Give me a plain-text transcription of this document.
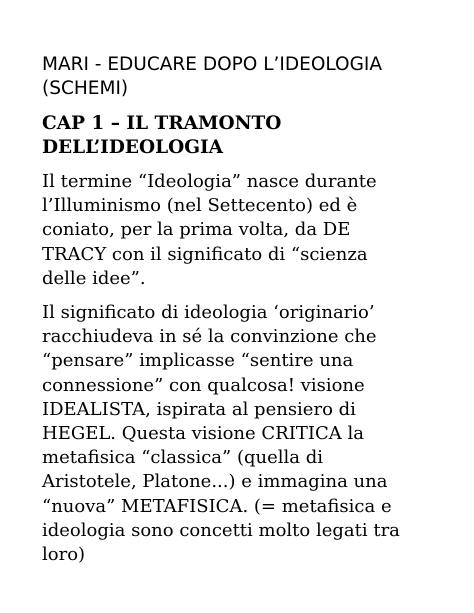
MARI - EDUCARE DOPO L’IDEOLOGIA
(SCHEMI)
CAP 1 – IL TRAMONTO
DELL’IDEOLOGIA
Il termine “Ideologia” nasce durante
l’Illuminismo (nel Settecento) ed è
coniato, per la prima volta, da DE
TRACY con il significato di “scienza
delle idee”.
Il significato di ideologia ‘originario’
racchiudeva in sé la convinzione che
“pensare” implicasse “sentire una
connessione” con qualcosa! visione
IDEALISTA, ispirata al pensiero di
HEGEL. Questa visione CRITICA la
metafisica “classica” (quella di
Aristotele, Platone...) e immagina una
“nuova” METAFISICA. (= metafisica e
ideologia sono concetti molto legati tra
loro)
